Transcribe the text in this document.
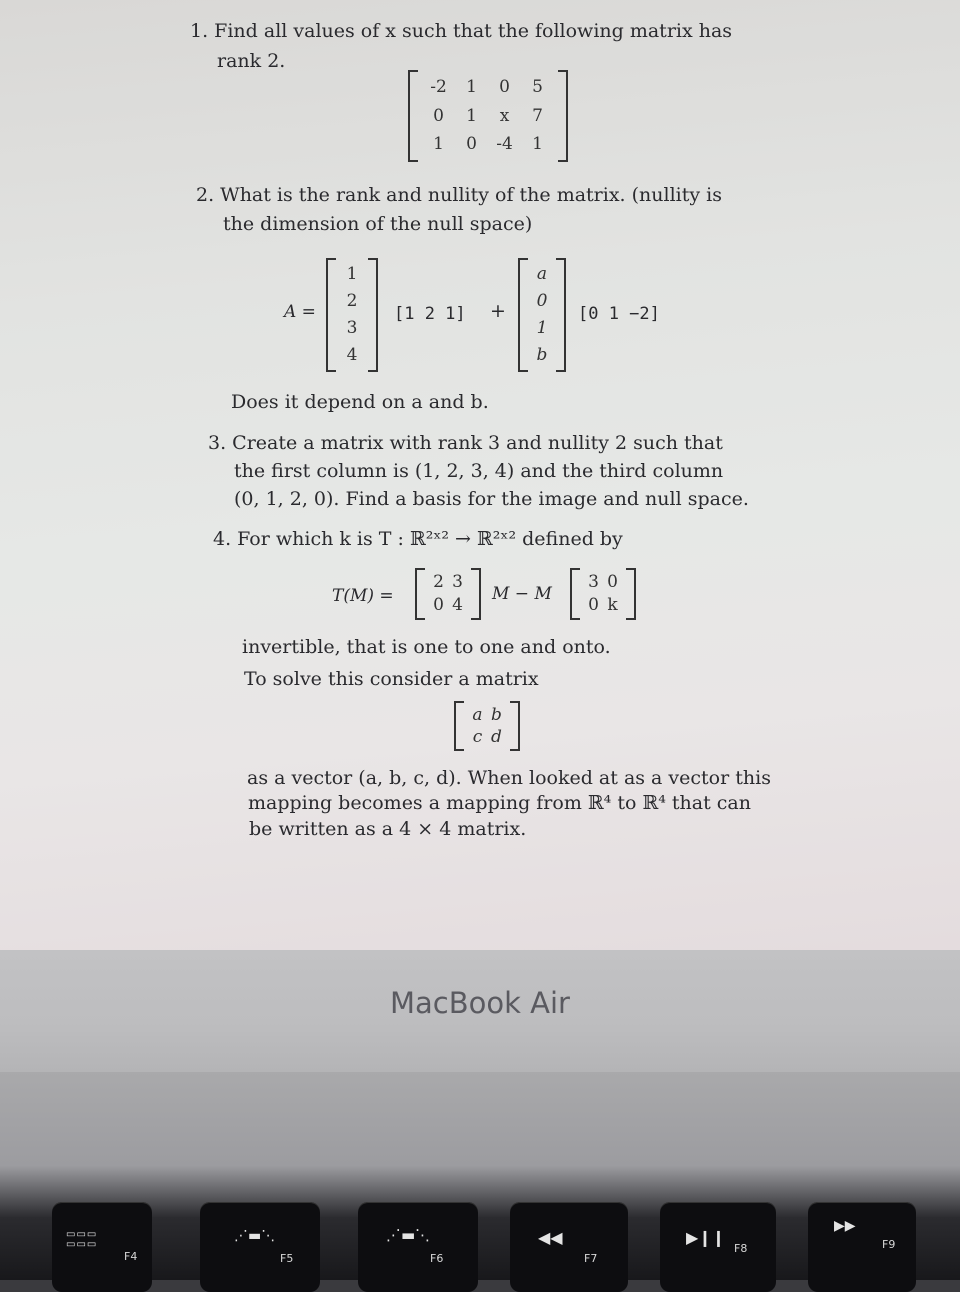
1. Find all values of x such that the following matrix has
rank 2.
-2	1	0	5
0	1	x	7
1	0	-4	1
2. What is the rank and nullity of the matrix. (nullity is
the dimension of the null space)
A =
1
2
3
4
[1 2 1] +
a
0
1
b
[0 1 −2]
Does it depend on a and b.
3. Create a matrix with rank 3 and nullity 2 such that
the first column is (1, 2, 3, 4) and the third column
(0, 1, 2, 0). Find a basis for the image and null space.
4. For which k is T : ℝ²ˣ² → ℝ²ˣ² defined by
T(M) =
2 3
0 4
M − M
3 0
0 k
invertible, that is one to one and onto.
To solve this consider a matrix
a b
c d
as a vector (a, b, c, d). When looked at as a vector this
mapping becomes a mapping from ℝ⁴ to ℝ⁴ that can
be written as a 4 × 4 matrix.
MacBook Air
▭▭▭
▭▭▭
F4
⋰▬⋱
F5
⋰▬⋱
F6
◀◀
F7
▶❙❙
F8
▶▶
F9
